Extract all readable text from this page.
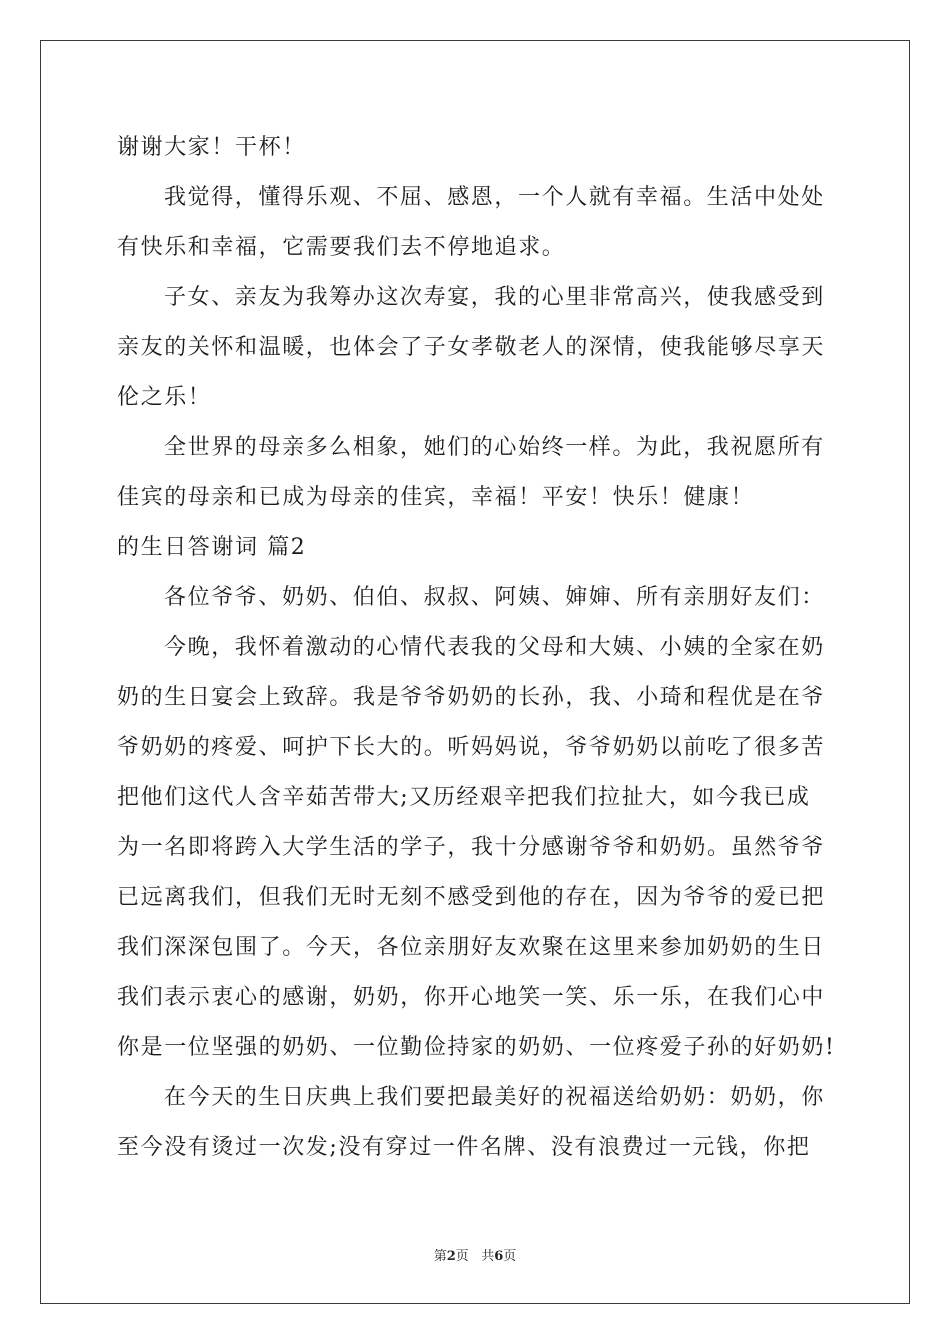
谢谢大家！干杯！
我觉得，懂得乐观、不屈、感恩，一个人就有幸福。生活中处处
有快乐和幸福，它需要我们去不停地追求。
子女、亲友为我筹办这次寿宴，我的心里非常高兴，使我感受到
亲友的关怀和温暖，也体会了子女孝敬老人的深情，使我能够尽享天
伦之乐！
全世界的母亲多么相象，她们的心始终一样。为此，我祝愿所有
佳宾的母亲和已成为母亲的佳宾，幸福！平安！快乐！健康！
的生日答谢词 篇2
各位爷爷、奶奶、伯伯、叔叔、阿姨、婶婶、所有亲朋好友们：
今晚，我怀着激动的心情代表我的父母和大姨、小姨的全家在奶
奶的生日宴会上致辞。我是爷爷奶奶的长孙，我、小琦和程优是在爷
爷奶奶的疼爱、呵护下长大的。听妈妈说，爷爷奶奶以前吃了很多苦
把他们这代人含辛茹苦带大;又历经艰辛把我们拉扯大，如今我已成
为一名即将跨入大学生活的学子，我十分感谢爷爷和奶奶。虽然爷爷
已远离我们，但我们无时无刻不感受到他的存在，因为爷爷的爱已把
我们深深包围了。今天，各位亲朋好友欢聚在这里来参加奶奶的生日
我们表示衷心的感谢，奶奶，你开心地笑一笑、乐一乐，在我们心中
你是一位坚强的奶奶、一位勤俭持家的奶奶、一位疼爱子孙的好奶奶!
在今天的生日庆典上我们要把最美好的祝福送给奶奶：奶奶，你
至今没有烫过一次发;没有穿过一件名牌、没有浪费过一元钱，你把
第2页 共6页
